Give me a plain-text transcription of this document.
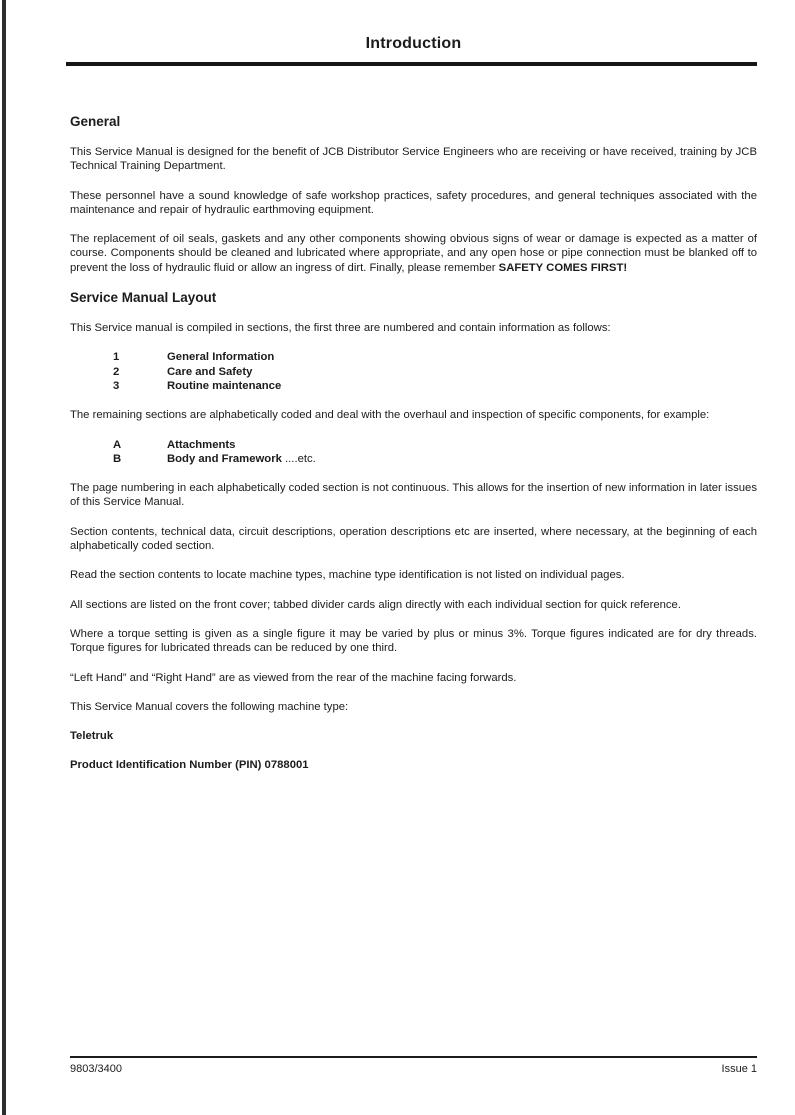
Introduction
General

This Service Manual is designed for the benefit of JCB Distributor Service Engineers who are receiving or have received, training by JCB Technical Training Department.

These personnel have a sound knowledge of safe workshop practices, safety procedures, and general techniques associated with the maintenance and repair of hydraulic earthmoving equipment.

The replacement of oil seals, gaskets and any other components showing obvious signs of wear or damage is expected as a matter of course. Components should be cleaned and lubricated where appropriate, and any open hose or pipe connection must be blanked off to prevent the loss of hydraulic fluid or allow an ingress of dirt. Finally, please remember SAFETY COMES FIRST!

Service Manual Layout

This Service manual is compiled in sections, the first three are numbered and contain information as follows:

1	General Information
2	Care and Safety
3	Routine maintenance

The remaining sections are alphabetically coded and deal with the overhaul and inspection of specific components, for example:

A	Attachments
B	Body and Framework ....etc.

The page numbering in each alphabetically coded section is not continuous. This allows for the insertion of new information in later issues of this Service Manual.

Section contents, technical data, circuit descriptions, operation descriptions etc are inserted, where necessary, at the beginning of each alphabetically coded section.

Read the section contents to locate machine types, machine type identification is not listed on individual pages.

All sections are listed on the front cover; tabbed divider cards align directly with each individual section for quick reference.

Where a torque setting is given as a single figure it may be varied by plus or minus 3%. Torque figures indicated are for dry threads. Torque figures for lubricated threads can be reduced by one third.

“Left Hand” and “Right Hand” are as viewed from the rear of the machine facing forwards.

This Service Manual covers the following machine type:

Teletruk

Product Identification Number (PIN) 0788001

9803/3400	Issue 1
